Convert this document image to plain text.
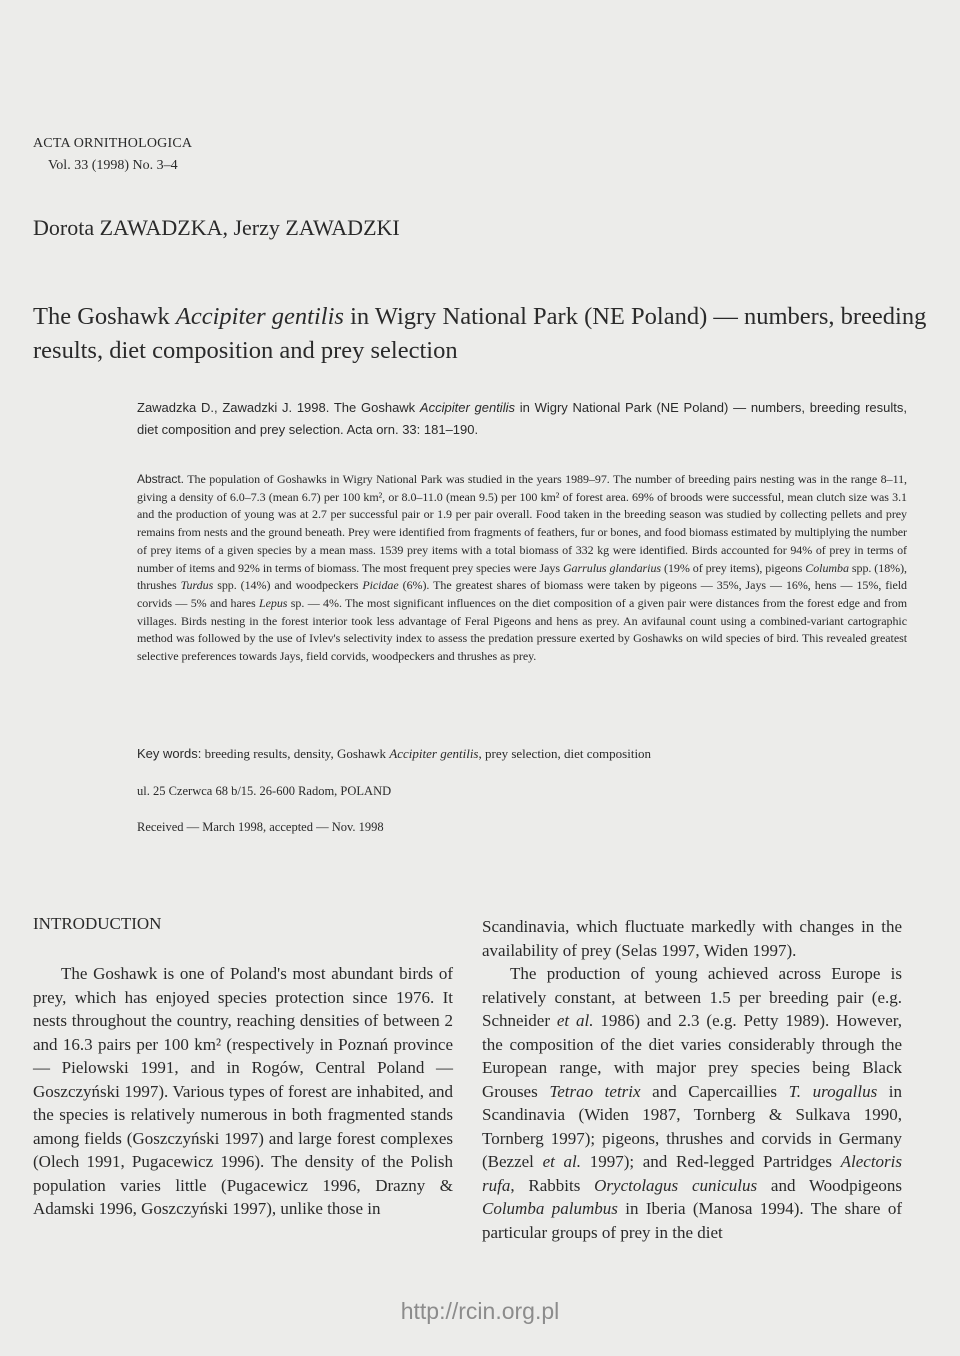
ACTA ORNITHOLOGICA
Vol. 33 (1998) No. 3–4
Dorota ZAWADZKA, Jerzy ZAWADZKI
The Goshawk Accipiter gentilis in Wigry National Park (NE Poland) — numbers, breeding results, diet composition and prey selection
Zawadzka D., Zawadzki J. 1998. The Goshawk Accipiter gentilis in Wigry National Park (NE Poland) — numbers, breeding results, diet composition and prey selection. Acta orn. 33: 181–190.
Abstract. The population of Goshawks in Wigry National Park was studied in the years 1989–97. The number of breeding pairs nesting was in the range 8–11, giving a density of 6.0–7.3 (mean 6.7) per 100 km², or 8.0–11.0 (mean 9.5) per 100 km² of forest area. 69% of broods were successful, mean clutch size was 3.1 and the production of young was at 2.7 per successful pair or 1.9 per pair overall. Food taken in the breeding season was studied by collecting pellets and prey remains from nests and the ground beneath. Prey were identified from fragments of feathers, fur or bones, and food biomass estimated by multiplying the number of prey items of a given species by a mean mass. 1539 prey items with a total biomass of 332 kg were identified. Birds accounted for 94% of prey in terms of number of items and 92% in terms of biomass. The most frequent prey species were Jays Garrulus glandarius (19% of prey items), pigeons Columba spp. (18%), thrushes Turdus spp. (14%) and woodpeckers Picidae (6%). The greatest shares of biomass were taken by pigeons — 35%, Jays — 16%, hens — 15%, field corvids — 5% and hares Lepus sp. — 4%. The most significant influences on the diet composition of a given pair were distances from the forest edge and from villages. Birds nesting in the forest interior took less advantage of Feral Pigeons and hens as prey. An avifaunal count using a combined-variant cartographic method was followed by the use of Ivlev's selectivity index to assess the predation pressure exerted by Goshawks on wild species of bird. This revealed greatest selective preferences towards Jays, field corvids, woodpeckers and thrushes as prey.
Key words: breeding results, density, Goshawk Accipiter gentilis, prey selection, diet composition
ul. 25 Czerwca 68 b/15. 26-600 Radom, POLAND
Received — March 1998, accepted — Nov. 1998
INTRODUCTION

The Goshawk is one of Poland's most abundant birds of prey, which has enjoyed species protection since 1976. It nests throughout the country, reaching densities of between 2 and 16.3 pairs per 100 km² (respectively in Poznań province — Pielowski 1991, and in Rogów, Central Poland — Goszczyński 1997). Various types of forest are inhabited, and the species is relatively numerous in both fragmented stands among fields (Goszczyński 1997) and large forest complexes (Olech 1991, Pugacewicz 1996). The density of the Polish population varies little (Pugacewicz 1996, Drazny & Adamski 1996, Goszczyński 1997), unlike those in

Scandinavia, which fluctuate markedly with changes in the availability of prey (Selas 1997, Widen 1997).

The production of young achieved across Europe is relatively constant, at between 1.5 per breeding pair (e.g. Schneider et al. 1986) and 2.3 (e.g. Petty 1989). However, the composition of the diet varies considerably through the European range, with major prey species being Black Grouses Tetrao tetrix and Capercaillies T. urogallus in Scandinavia (Widen 1987, Tornberg & Sulkava 1990, Tornberg 1997); pigeons, thrushes and corvids in Germany (Bezzel et al. 1997); and Red-legged Partridges Alectoris rufa, Rabbits Oryctolagus cuniculus and Woodpigeons Columba palumbus in Iberia (Manosa 1994). The share of particular groups of prey in the diet

http://rcin.org.pl
